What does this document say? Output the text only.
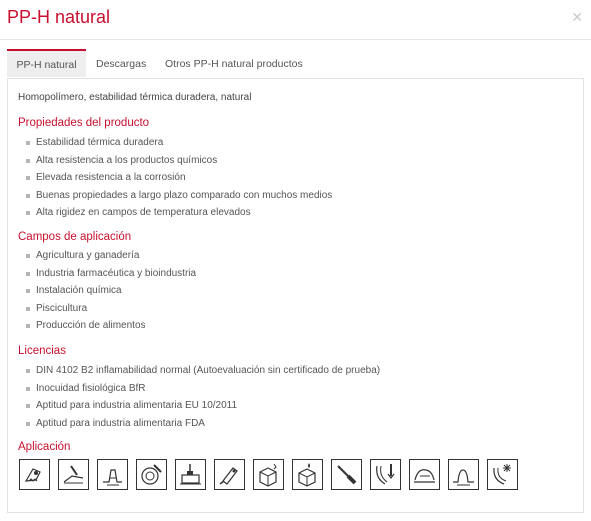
PP-H natural	✕
PP-H natural	Descargas Otros PP-H natural productos

Homopolímero, estabilidad térmica duradera, natural

Propiedades del producto
Estabilidad térmica duradera
Alta resistencia a los productos químicos
Elevada resistencia a la corrosión
Buenas propiedades a largo plazo comparado con muchos medios
Alta rigidez en campos de temperatura elevados
Campos de aplicación
Agricultura y ganadería
Industria farmacéutica y bioindustria
Instalación química
Piscicultura
Producción de alimentos
Licencias
DIN 4102 B2 inflamabilidad normal (Autoevaluación sin certificado de prueba)
Inocuidad fisiológica BfR
Aptitud para industria alimentaria EU 10/2011
Aptitud para industria alimentaria FDA
Aplicación
